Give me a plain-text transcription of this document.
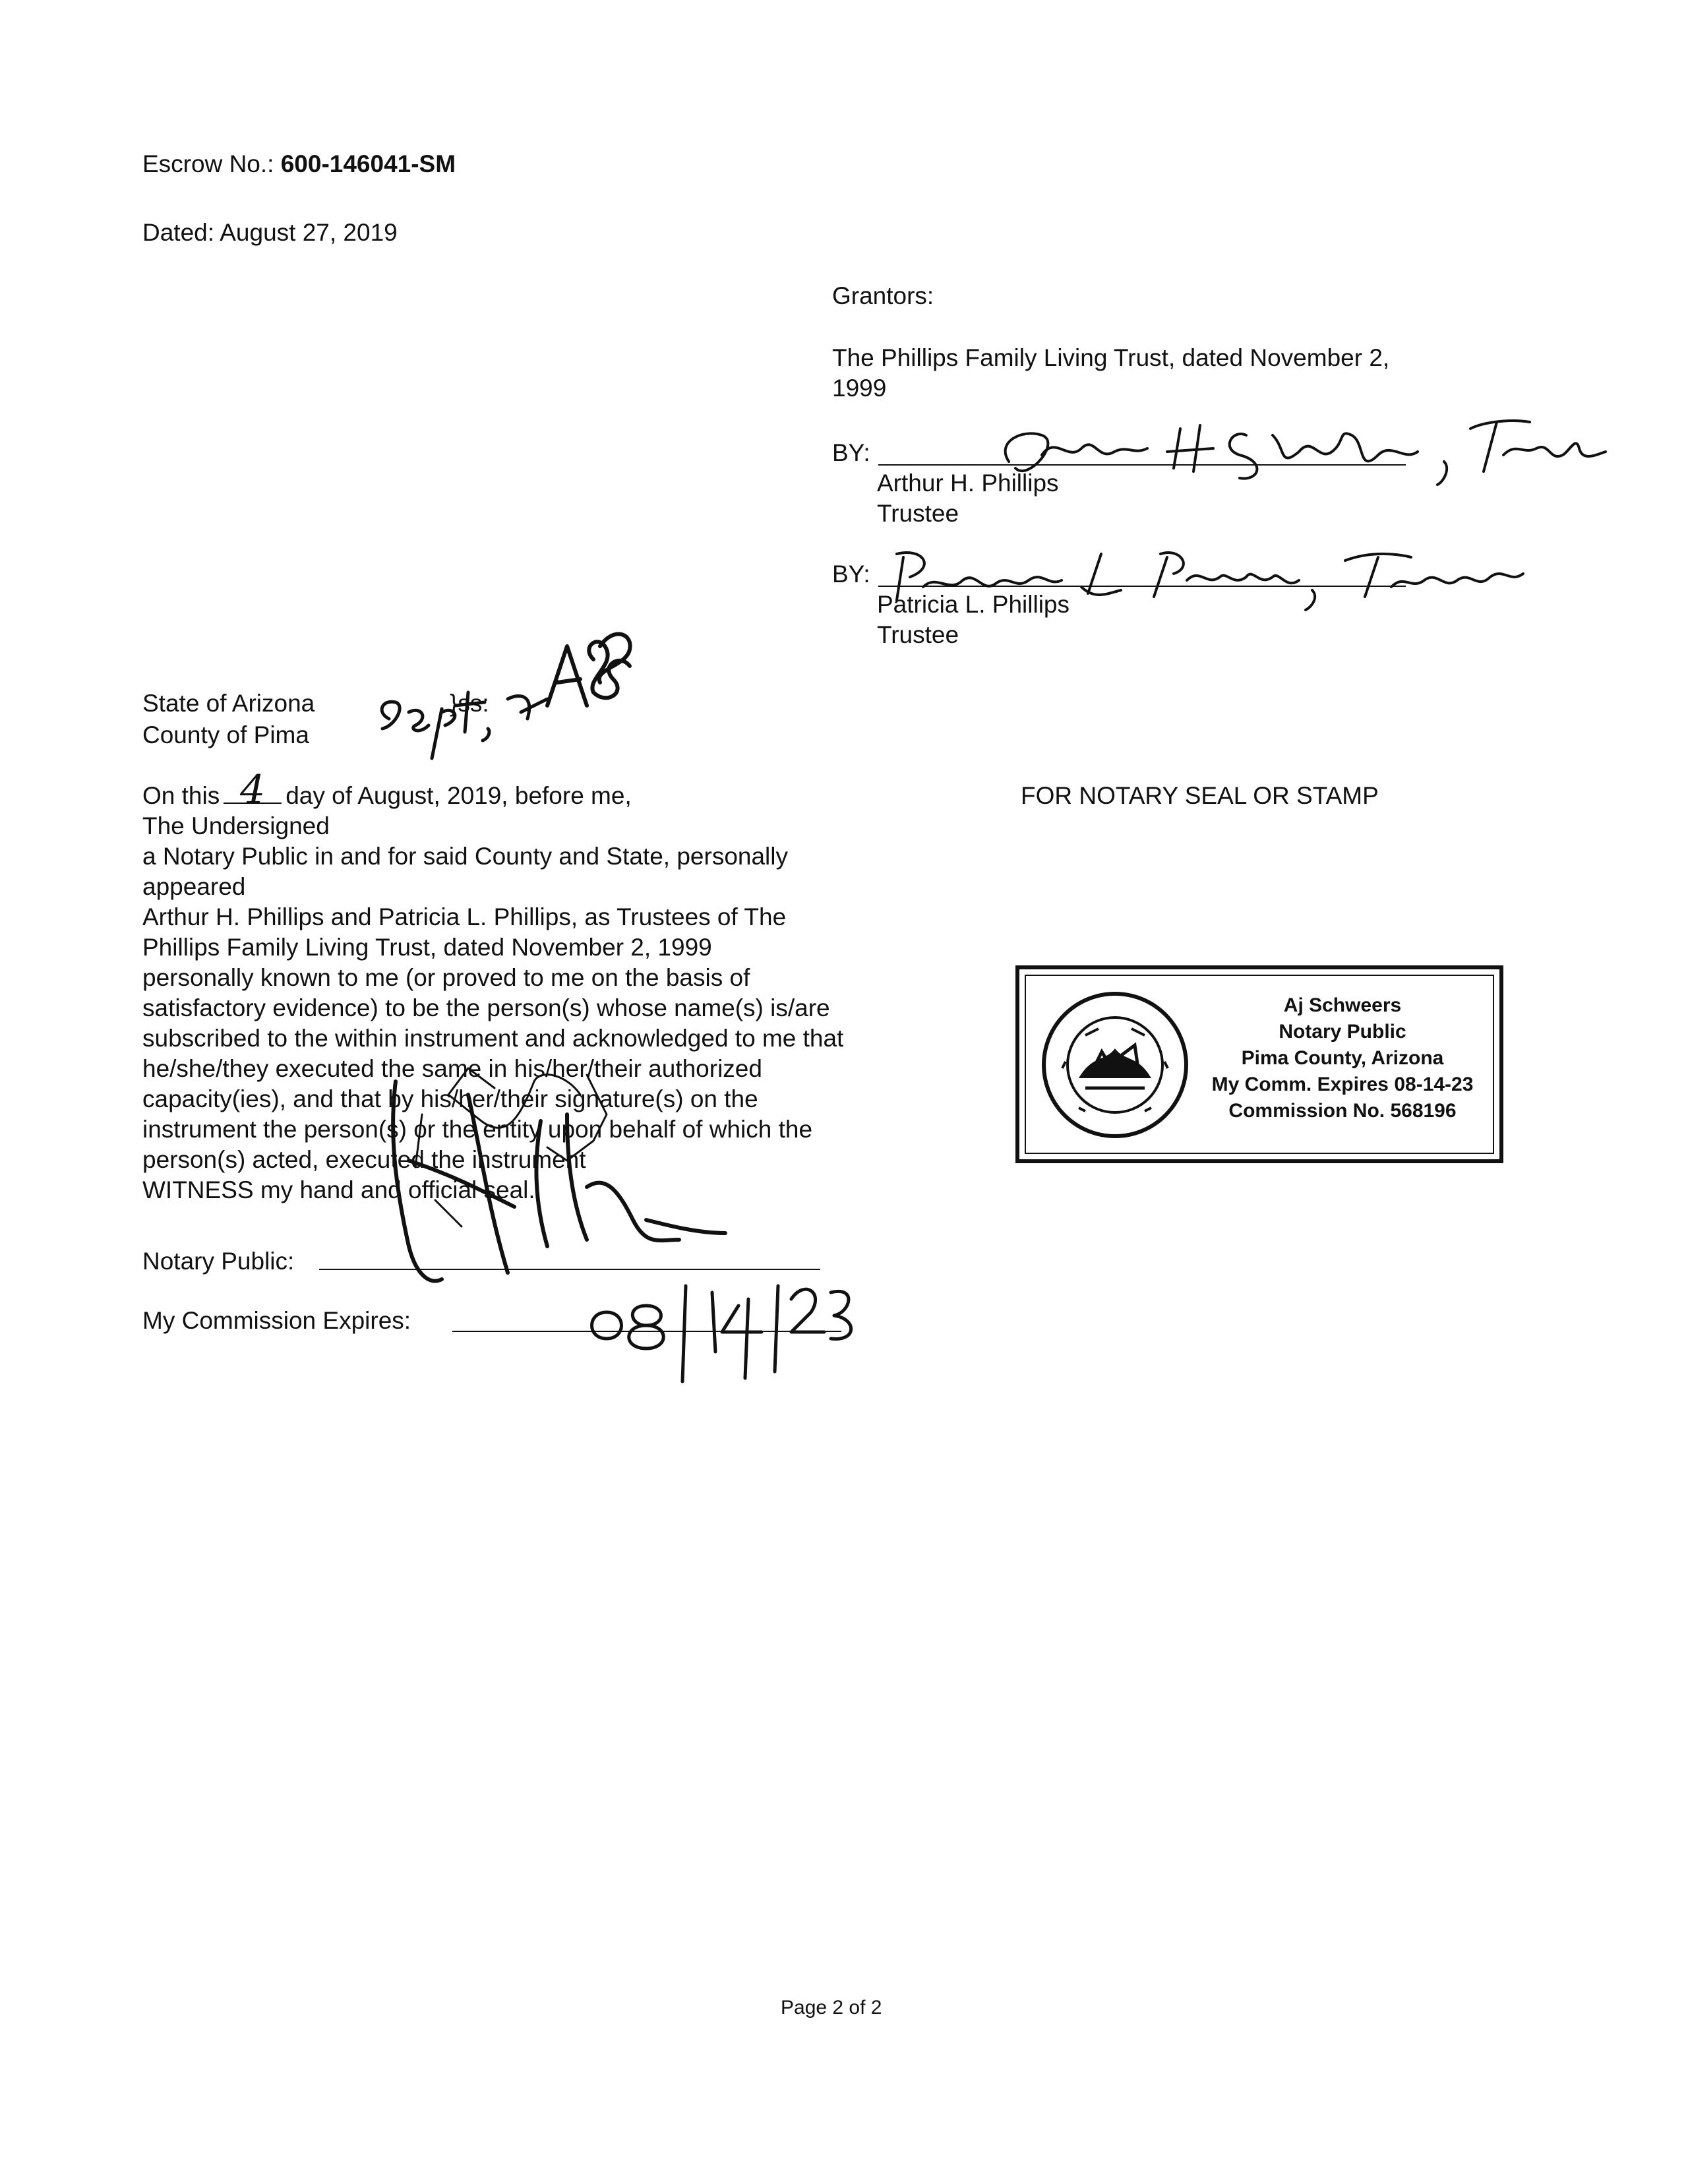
Escrow No.: 600-146041-SM
Dated: August 27, 2019
Grantors:
The Phillips Family Living Trust, dated November 2,
1999
BY:
Arthur H. Phillips
Trustee
BY:
Patricia L. Phillips
Trustee
State of Arizona	}ss:
County of Pima
On this	day of August, 2019, before me,
4
The Undersigned
a Notary Public in and for said County and State, personally
appeared
Arthur H. Phillips and Patricia L. Phillips, as Trustees of The
Phillips Family Living Trust, dated November 2, 1999
personally known to me (or proved to me on the basis of
satisfactory evidence) to be the person(s) whose name(s) is/are
subscribed to the within instrument and acknowledged to me that
he/she/they executed the same in his/her/their authorized
capacity(ies), and that by his/her/their signature(s) on the
instrument the person(s) or the entity upon behalf of which the
person(s) acted, executed the instrument
WITNESS my hand and official seal.
Notary Public:
My Commission Expires:
08|14|23
FOR NOTARY SEAL OR STAMP
Aj Schweers
Notary Public
Pima County, Arizona
My Comm. Expires 08-14-23
Commission No. 568196
Page 2 of 2
